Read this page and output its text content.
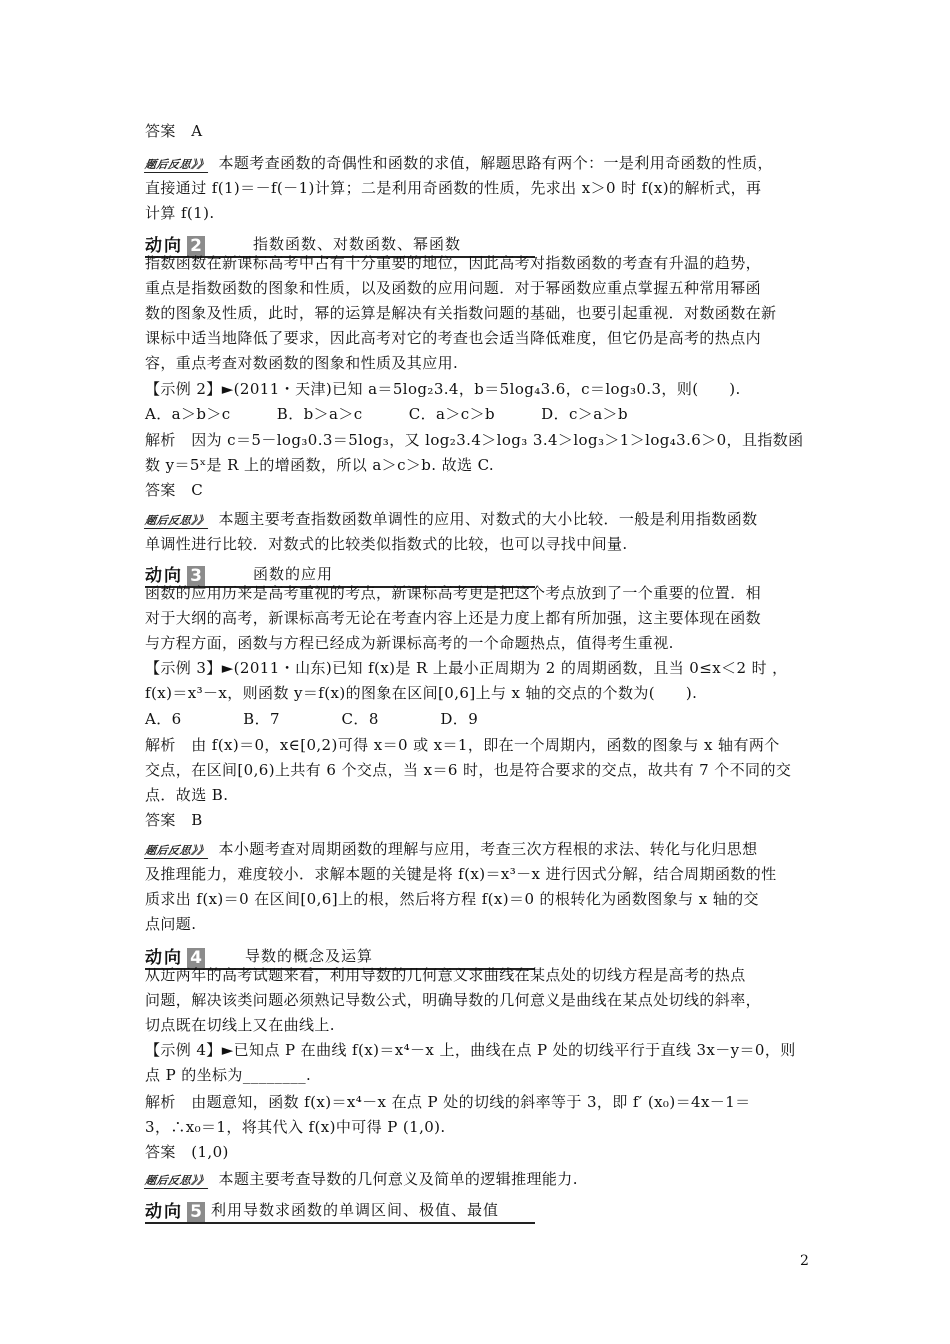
答案　A
题后反思》》 本题考查函数的奇偶性和函数的求值，解题思路有两个：一是利用奇函数的性质，
直接通过 f(1)＝－f(－1)计算；二是利用奇函数的性质，先求出 x＞0 时 f(x)的解析式，再
计算 f(1).
动向 2	指数函数、对数函数、幂函数
指数函数在新课标高考中占有十分重要的地位，因此高考对指数函数的考查有升温的趋势，
重点是指数函数的图象和性质，以及函数的应用问题．对于幂函数应重点掌握五种常用幂函
数的图象及性质，此时，幂的运算是解决有关指数问题的基础，也要引起重视．对数函数在新
课标中适当地降低了要求，因此高考对它的考查也会适当降低难度，但它仍是高考的热点内
容，重点考查对数函数的图象和性质及其应用.
【示例 2】►(2011・天津)已知 a＝5log₂3.4，b＝5log₄3.6，c＝log₃0.3，则(　　).
A．a＞b＞c　　　B．b＞a＞c　　　C．a＞c＞b　　　D．c＞a＞b
解析　因为 c＝5－log₃0.3＝5log₃，又 log₂3.4＞log₃ 3.4＞log₃＞1＞log₄3.6＞0，且指数函
数 y＝5ˣ是 R 上的增函数，所以 a＞c＞b. 故选 C.
答案　C
题后反思》》 本题主要考查指数函数单调性的应用、对数式的大小比较．一般是利用指数函数
单调性进行比较．对数式的比较类似指数式的比较，也可以寻找中间量.
动向 3	函数的应用
函数的应用历来是高考重视的考点，新课标高考更是把这个考点放到了一个重要的位置．相
对于大纲的高考，新课标高考无论在考查内容上还是力度上都有所加强，这主要体现在函数
与方程方面，函数与方程已经成为新课标高考的一个命题热点，值得考生重视.
【示例 3】►(2011・山东)已知 f(x)是 R 上最小正周期为 2 的周期函数，且当 0≤x＜2 时 ，
f(x)＝x³－x，则函数 y＝f(x)的图象在区间[0,6]上与 x 轴的交点的个数为(　　).
A．6　　　　B．7　　　　C．8　　　　D．9
解析　由 f(x)＝0，x∈[0,2)可得 x＝0 或 x＝1，即在一个周期内，函数的图象与 x 轴有两个
交点，在区间[0,6)上共有 6 个交点，当 x＝6 时，也是符合要求的交点，故共有 7 个不同的交
点．故选 B.
答案　B
题后反思》》 本小题考查对周期函数的理解与应用，考查三次方程根的求法、转化与化归思想
及推理能力，难度较小．求解本题的关键是将 f(x)＝x³－x 进行因式分解，结合周期函数的性
质求出 f(x)＝0 在区间[0,6]上的根，然后将方程 f(x)＝0 的根转化为函数图象与 x 轴的交
点问题.
动向 4	导数的概念及运算
从近两年的高考试题来看，利用导数的几何意义求曲线在某点处的切线方程是高考的热点
问题，解决该类问题必须熟记导数公式，明确导数的几何意义是曲线在某点处切线的斜率，
切点既在切线上又在曲线上.
【示例 4】►已知点 P 在曲线 f(x)＝x⁴－x 上，曲线在点 P 处的切线平行于直线 3x－y＝0，则
点 P 的坐标为________.
解析　由题意知，函数 f(x)＝x⁴－x 在点 P 处的切线的斜率等于 3，即 f′ (x₀)＝4x－1＝
3，∴x₀＝1，将其代入 f(x)中可得 P (1,0).
答案　(1,0)
题后反思》》 本题主要考查导数的几何意义及简单的逻辑推理能力.
动向 5 利用导数求函数的单调区间、极值、最值
2
